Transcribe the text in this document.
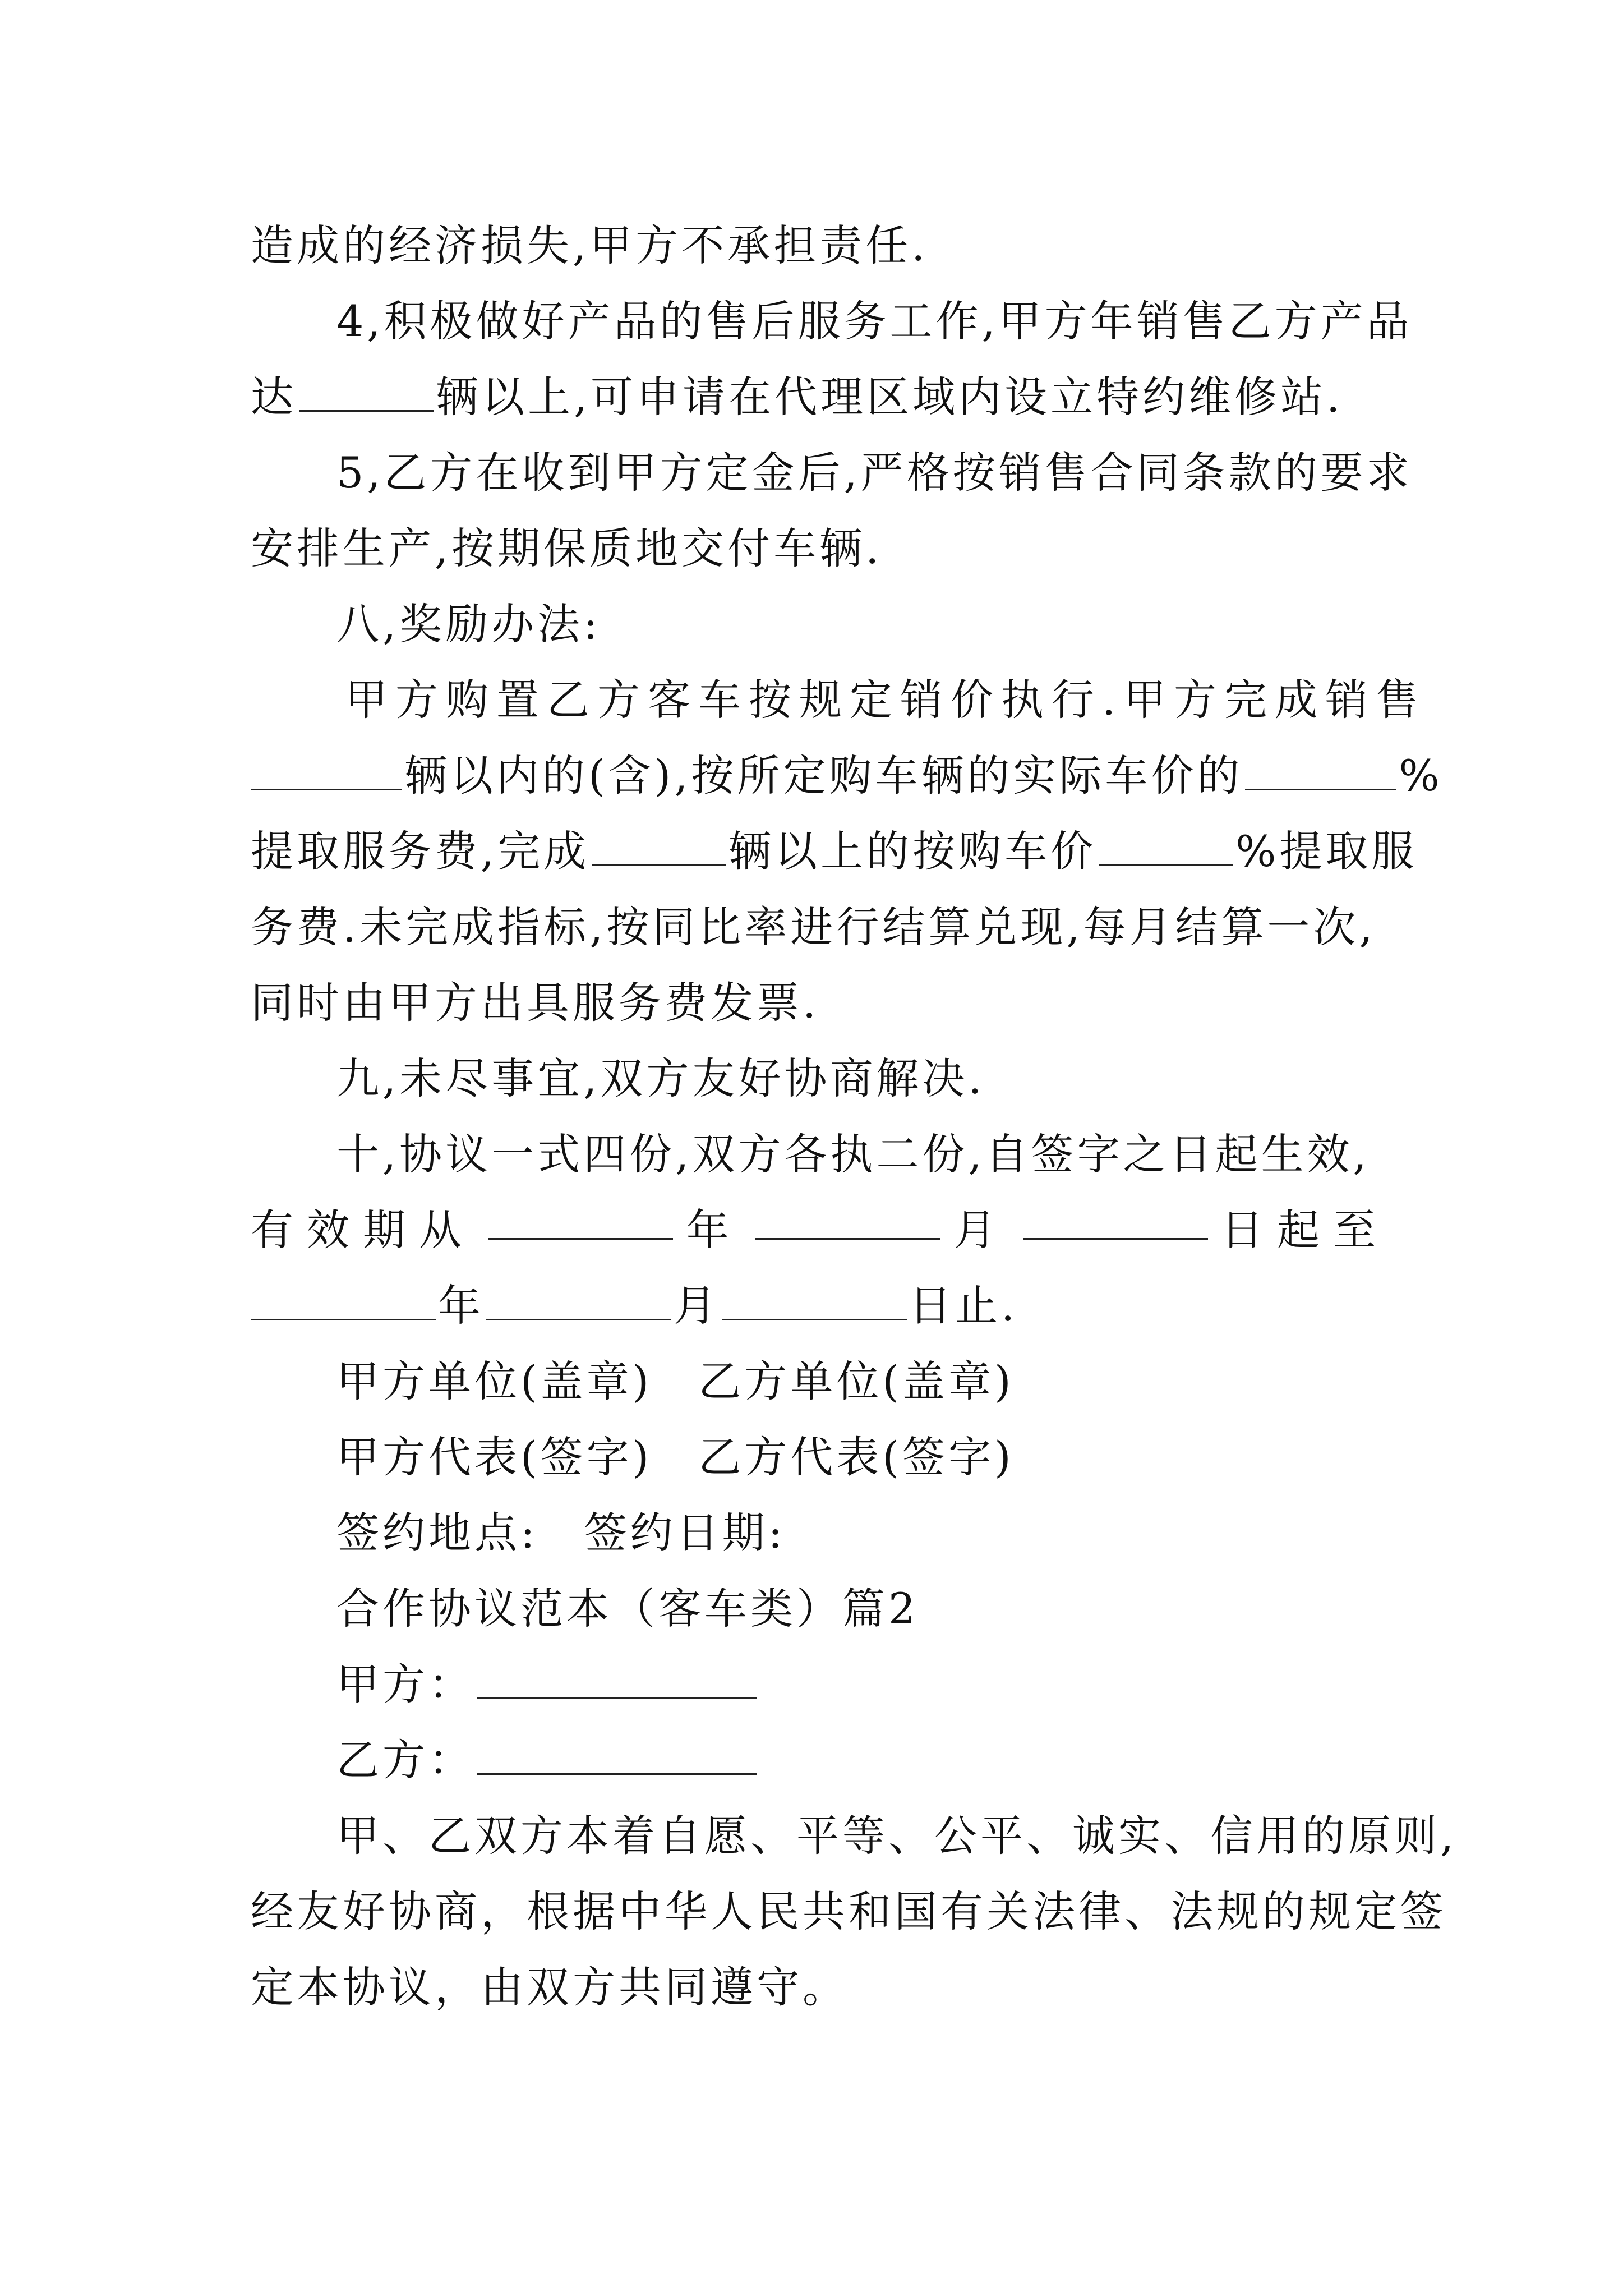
造成的经济损失,甲方不承担责任.
4,积极做好产品的售后服务工作,甲方年销售乙方产品
达	辆以上,可申请在代理区域内设立特约维修站.
5,乙方在收到甲方定金后,严格按销售合同条款的要求
安排生产,按期保质地交付车辆.
八,奖励办法:
甲方购置乙方客车按规定销价执行.甲方完成销售
辆以内的(含),按所定购车辆的实际车价的	%
提取服务费,完成	辆以上的按购车价	%提取服
务费.未完成指标,按同比率进行结算兑现,每月结算一次,
同时由甲方出具服务费发票.
九,未尽事宜,双方友好协商解决.
十,协议一式四份,双方各执二份,自签字之日起生效,
有效期从	年	月	日起至
年	月	日止.
甲方单位(盖章)　乙方单位(盖章)
甲方代表(签字)　乙方代表(签字)
签约地点:　签约日期:
合作协议范本（客车类）篇2
甲方：
乙方：
甲、乙双方本着自愿、平等、公平、诚实、信用的原则,
经友好协商，根据中华人民共和国有关法律、法规的规定签
定本协议，由双方共同遵守。
